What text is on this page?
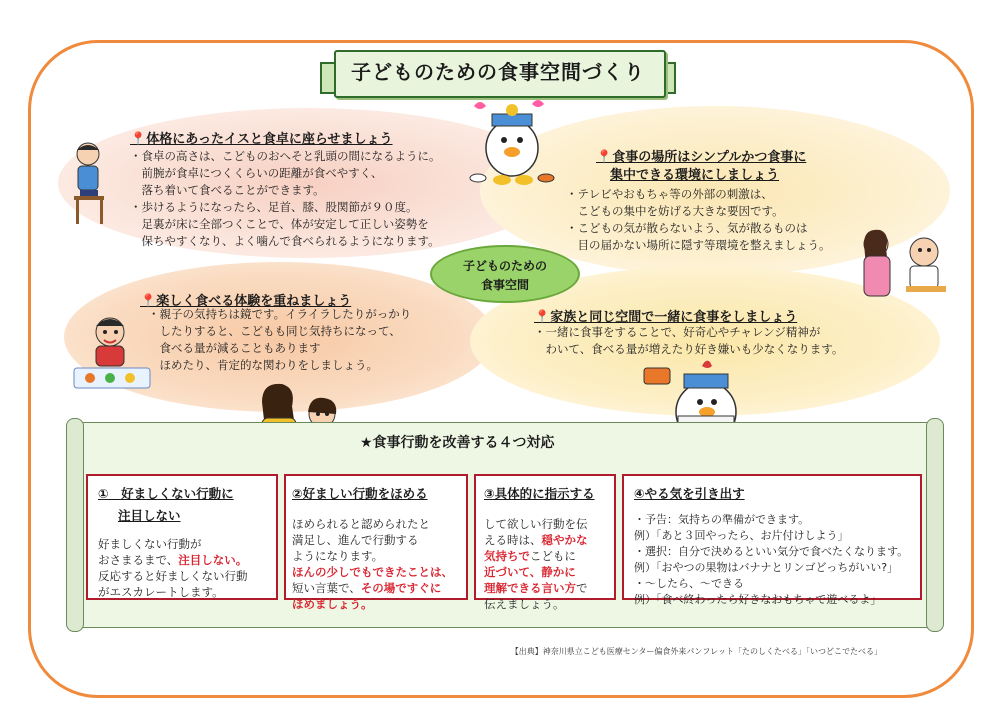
子どものための食事空間づくり
子どものための
食事空間
📍体格にあったイスと食卓に座らせましょう
・食卓の高さは、こどものおへそと乳頭の間になるように。
　前腕が食卓につくくらいの距離が食べやすく、
　落ち着いて食べることができます。
・歩けるようになったら、足首、膝、股関節が９０度。
　足裏が床に全部つくことで、体が安定して正しい姿勢を
　保ちやすくなり、よく噛んで食べられるようになります。
📍食事の場所はシンプルかつ食事に
集中できる環境にしましょう
・テレビやおもちゃ等の外部の刺激は、
　こどもの集中を妨げる大きな要因です。
・こどもの気が散らないよう、気が散るものは
　目の届かない場所に隠す等環境を整えましょう。
📍楽しく食べる体験を重ねましょう
・親子の気持ちは鏡です。イライラしたりがっかり
　したりすると、こどもも同じ気持ちになって、
　食べる量が減ることもあります
　ほめたり、肯定的な関わりをしましょう。
📍家族と同じ空間で一緒に食事をしましょう
・一緒に食事をすることで、好奇心やチャレンジ精神が
　わいて、食べる量が増えたり好き嫌いも少なくなります。
★食事行動を改善する４つ対応
①　好ましくない行動に
注目しない
好ましくない行動が
おさまるまで、注目しない。
反応すると好ましくない行動
がエスカレートします。
②好ましい行動をほめる
ほめられると認められたと
満足し、進んで行動する
ようになります。
ほんの少しでもできたことは、
短い言葉で、その場ですぐに
ほめましょう。
③具体的に指示する
して欲しい行動を伝
える時は、穏やかな
気持ちでこどもに
近づいて、静かに
理解できる言い方で
伝えましょう。
④やる気を引き出す
・予告：気持ちの準備ができます。
例）「あと３回やったら、お片付けしよう」
・選択：自分で決めるといい気分で食べたくなります。
例）「おやつの果物はバナナとリンゴどっちがいい?」
・～したら、～できる
例）「食べ終わったら好きなおもちゃで遊べるよ」
【出典】神奈川県立こども医療センター偏食外来パンフレット「たのしくたべる」「いつどこでたべる」
